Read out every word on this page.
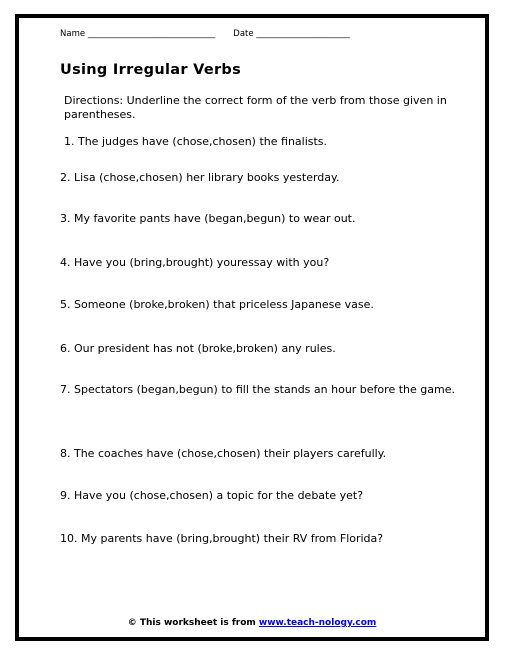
Name ______________________________ Date ______________________
Using Irregular Verbs
Directions: Underline the correct form of the verb from those given in parentheses.
1. The judges have (chose,chosen) the finalists.
2. Lisa (chose,chosen) her library books yesterday.
3. My favorite pants have (began,begun) to wear out.
4. Have you (bring,brought) youressay with you?
5. Someone (broke,broken) that priceless Japanese vase.
6. Our president has not (broke,broken) any rules.
7. Spectators (began,begun) to fill the stands an hour before the game.
8. The coaches have (chose,chosen) their players carefully.
9. Have you (chose,chosen) a topic for the debate yet?
10. My parents have (bring,brought) their RV from Florida?
© This worksheet is from www.teach-nology.com
